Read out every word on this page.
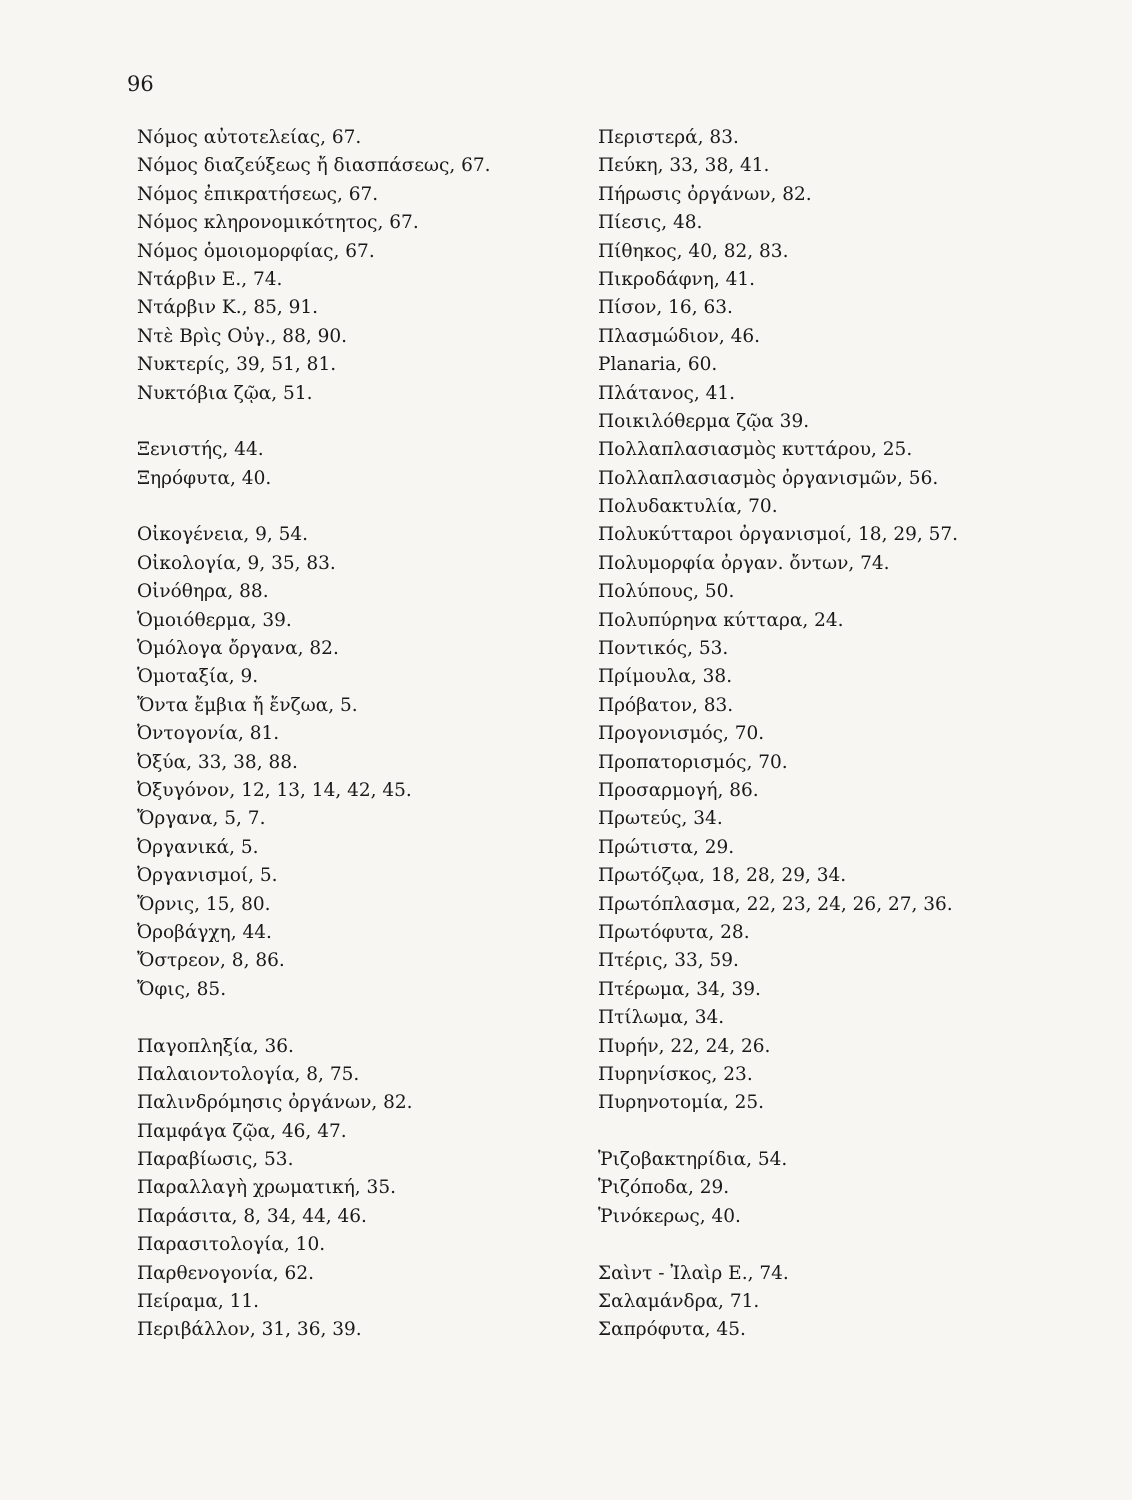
96
Νόμος αὐτοτελείας, 67.
Νόμος διαζεύξεως ἤ διασπάσεως, 67.
Νόμος ἐπικρατήσεως, 67.
Νόμος κληρονομικότητος, 67.
Νόμος ὁμοιομορφίας, 67.
Ντάρβιν Ε., 74.
Ντάρβιν Κ., 85, 91.
Ντὲ Βρὶς Οὐγ., 88, 90.
Νυκτερίς, 39, 51, 81.
Νυκτόβια ζῷα, 51.
Ξενιστής, 44.
Ξηρόφυτα, 40.
Οἰκογένεια, 9, 54.
Οἰκολογία, 9, 35, 83.
Οἰνόθηρα, 88.
Ὁμοιόθερμα, 39.
Ὁμόλογα ὄργανα, 82.
Ὁμοταξία, 9.
Ὄντα ἔμβια ἤ ἔνζωα, 5.
Ὀντογονία, 81.
Ὀξύα, 33, 38, 88.
Ὀξυγόνον, 12, 13, 14, 42, 45.
Ὄργανα, 5, 7.
Ὀργανικά, 5.
Ὀργανισμοί, 5.
Ὄρνις, 15, 80.
Ὀροβάγχη, 44.
Ὄστρεον, 8, 86.
Ὄφις, 85.
Παγοπληξία, 36.
Παλαιοντολογία, 8, 75.
Παλινδρόμησις ὀργάνων, 82.
Παμφάγα ζῷα, 46, 47.
Παραβίωσις, 53.
Παραλλαγὴ χρωματική, 35.
Παράσιτα, 8, 34, 44, 46.
Παρασιτολογία, 10.
Παρθενογονία, 62.
Πείραμα, 11.
Περιβάλλον, 31, 36, 39.
Περιστερά, 83.
Πεύκη, 33, 38, 41.
Πήρωσις ὀργάνων, 82.
Πίεσις, 48.
Πίθηκος, 40, 82, 83.
Πικροδάφνη, 41.
Πίσον, 16, 63.
Πλασμώδιον, 46.
Planaria, 60.
Πλάτανος, 41.
Ποικιλόθερμα ζῷα 39.
Πολλαπλασιασμὸς κυττάρου, 25.
Πολλαπλασιασμὸς ὀργανισμῶν, 56.
Πολυδακτυλία, 70.
Πολυκύτταροι ὀργανισμοί, 18, 29, 57.
Πολυμορφία ὀργαν. ὄντων, 74.
Πολύπους, 50.
Πολυπύρηνα κύτταρα, 24.
Ποντικός, 53.
Πρίμουλα, 38.
Πρόβατον, 83.
Προγονισμός, 70.
Προπατορισμός, 70.
Προσαρμογή, 86.
Πρωτεύς, 34.
Πρώτιστα, 29.
Πρωτόζῳα, 18, 28, 29, 34.
Πρωτόπλασμα, 22, 23, 24, 26, 27, 36.
Πρωτόφυτα, 28.
Πτέρις, 33, 59.
Πτέρωμα, 34, 39.
Πτίλωμα, 34.
Πυρήν, 22, 24, 26.
Πυρηνίσκος, 23.
Πυρηνοτομία, 25.
Ῥιζοβακτηρίδια, 54.
Ῥιζόποδα, 29.
Ῥινόκερως, 40.
Σαὶντ - Ἰλαὶρ Ε., 74.
Σαλαμάνδρα, 71.
Σαπρόφυτα, 45.
